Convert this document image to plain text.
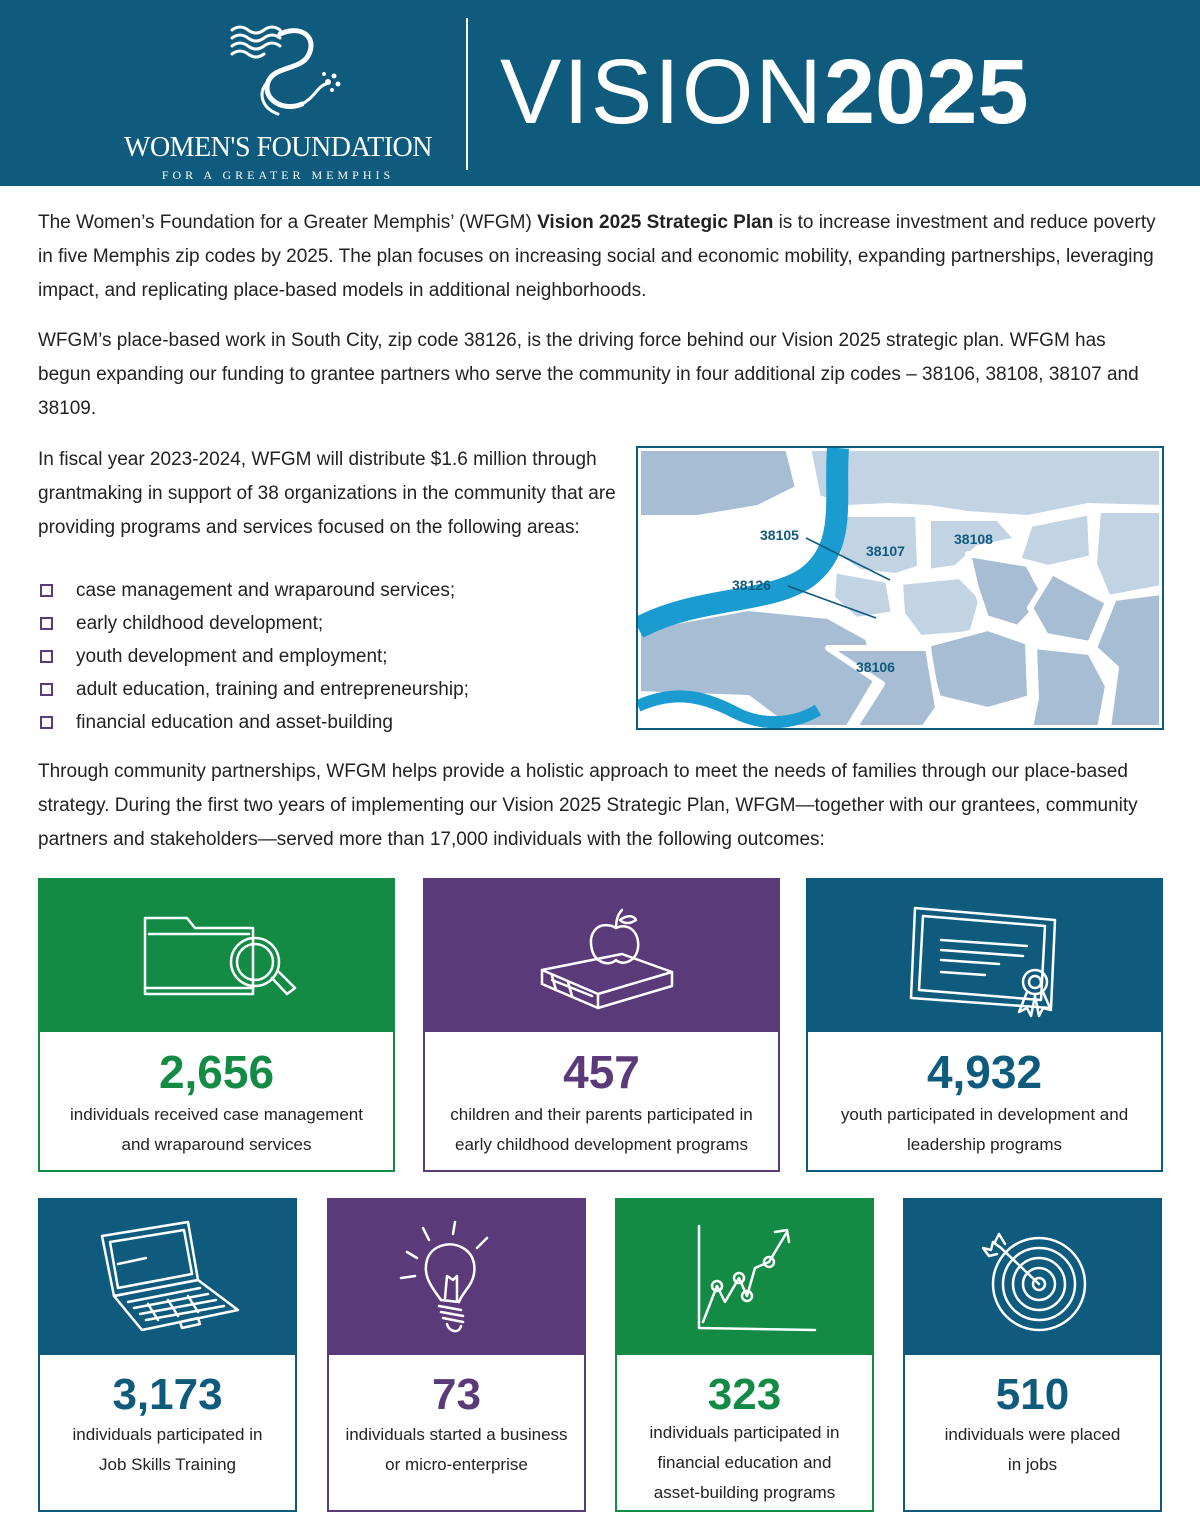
WOMEN'S FOUNDATION
FOR A GREATER MEMPHIS
VISION2025

The Women’s Foundation for a Greater Memphis’ (WFGM) Vision 2025 Strategic Plan is to increase investment and reduce poverty in five Memphis zip codes by 2025. The plan focuses on increasing social and economic mobility, expanding partnerships, leveraging impact, and replicating place-based models in additional neighborhoods.

WFGM’s place-based work in South City, zip code 38126, is the driving force behind our Vision 2025 strategic plan. WFGM has begun expanding our funding to grantee partners who serve the community in four additional zip codes – 38106, 38108, 38107 and 38109.

In fiscal year 2023-2024, WFGM will distribute $1.6 million through grantmaking in support of 38 organizations in the community that are providing programs and services focused on the following areas:

case management and wraparound services;
early childhood development;
youth development and employment;
adult education, training and entrepreneurship;
financial education and asset-building
38105
38107
38108
38126
38106

Through community partnerships, WFGM helps provide a holistic approach to meet the needs of families through our place-based strategy. During the first two years of implementing our Vision 2025 Strategic Plan, WFGM—together with our grantees, community partners and stakeholders—served more than 17,000 individuals with the following outcomes:

2,656
individuals received case management
and wraparound services
457
children and their parents participated in
early childhood development programs
4,932
youth participated in development and
leadership programs
3,173
individuals participated in
Job Skills Training
73
individuals started a business
or micro-enterprise
323
individuals participated in
financial education and
asset-building programs
510
individuals were placed
in jobs
